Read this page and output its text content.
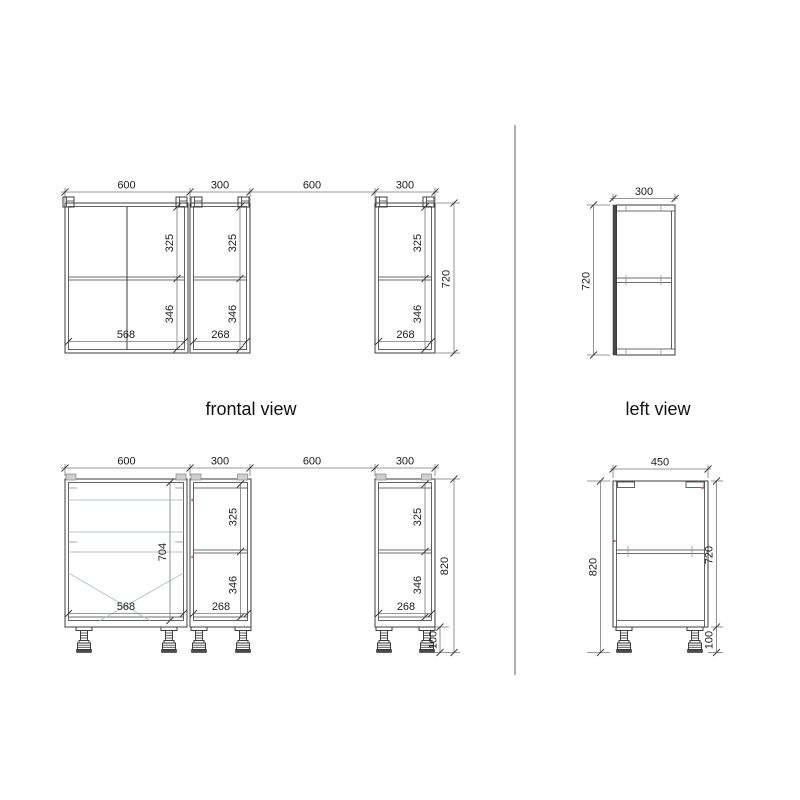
600	300	600	300
325
346
568
325
346
268
325
346
268
720
300
720
frontal view	left view
600	300	600	300
704
568
325
346
268
325
346
268
820
100
450
820
720
100
